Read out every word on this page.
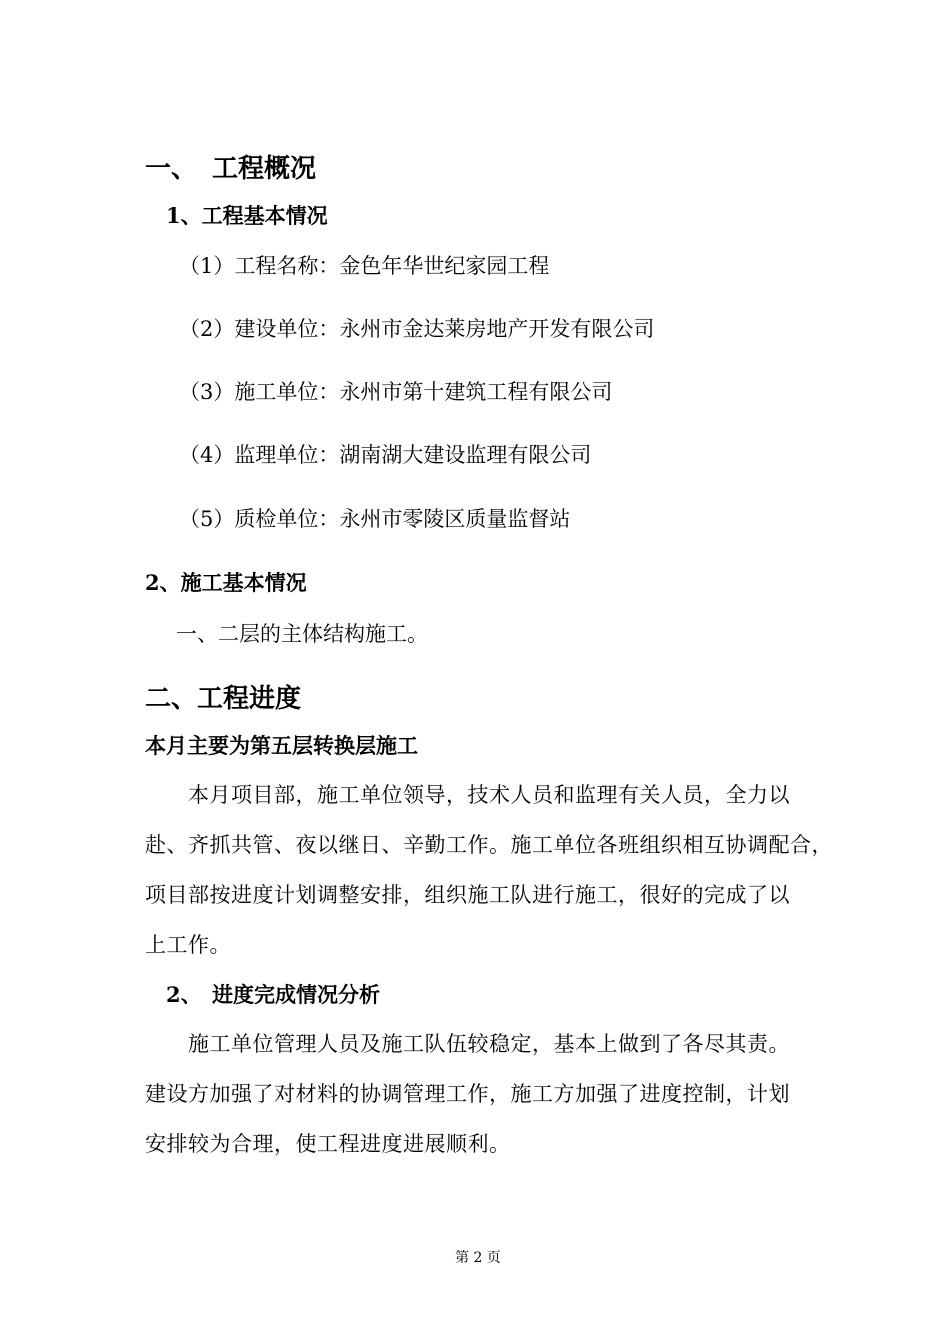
一、 工程概况
1、工程基本情况
（1）工程名称：金色年华世纪家园工程
（2）建设单位：永州市金达莱房地产开发有限公司
（3）施工单位：永州市第十建筑工程有限公司
（4）监理单位：湖南湖大建设监理有限公司
（5）质检单位：永州市零陵区质量监督站
2、施工基本情况
一、二层的主体结构施工。
二、工程进度
本月主要为第五层转换层施工
本月项目部，施工单位领导，技术人员和监理有关人员，全力以
赴、齐抓共管、夜以继日、辛勤工作。施工单位各班组织相互协调配合，
项目部按进度计划调整安排，组织施工队进行施工，很好的完成了以
上工作。
2、 进度完成情况分析
施工单位管理人员及施工队伍较稳定，基本上做到了各尽其责。
建设方加强了对材料的协调管理工作，施工方加强了进度控制，计划
安排较为合理，使工程进度进展顺利。
第 2 页
